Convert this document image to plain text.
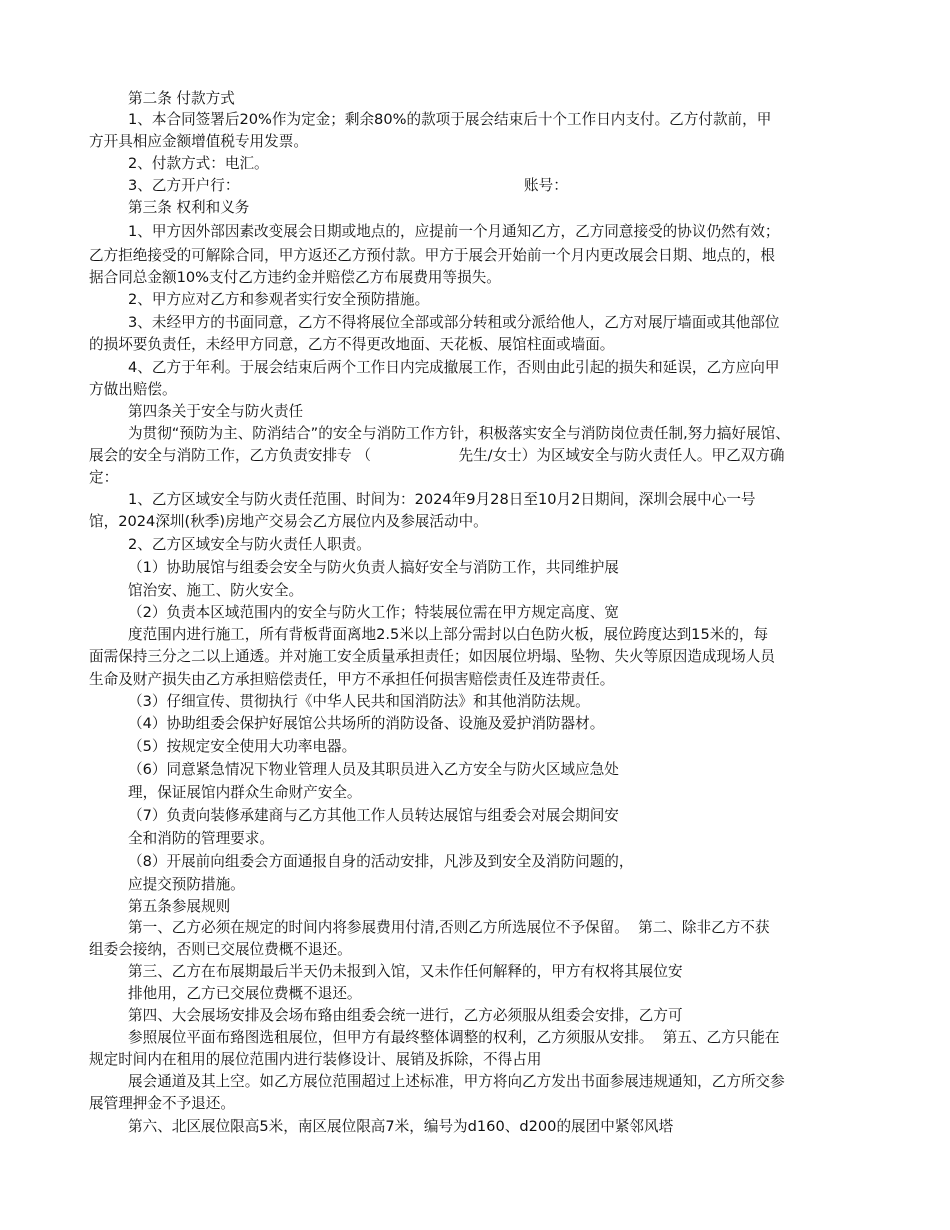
第二条 付款方式

1、本合同签署后20%作为定金；剩余80%的款项于展会结束后十个工作日内支付。乙方付款前，甲

方开具相应金额增值税专用发票。

2、付款方式：电汇。

3、乙方开户行：	账号：

第三条 权利和义务

1、甲方因外部因素改变展会日期或地点的，应提前一个月通知乙方，乙方同意接受的协议仍然有效；

乙方拒绝接受的可解除合同，甲方返还乙方预付款。甲方于展会开始前一个月内更改展会日期、地点的，根

据合同总金额10%支付乙方违约金并赔偿乙方布展费用等损失。

2、甲方应对乙方和参观者实行安全预防措施。

3、未经甲方的书面同意，乙方不得将展位全部或部分转租或分派给他人，乙方对展厅墙面或其他部位

的损坏要负责任，未经甲方同意，乙方不得更改地面、天花板、展馆柱面或墙面。

4、乙方于年利。于展会结束后两个工作日内完成撤展工作，否则由此引起的损失和延误，乙方应向甲

方做出赔偿。

第四条关于安全与防火责任

为贯彻“预防为主、防消结合”的安全与消防工作方针，积极落实安全与消防岗位责任制,努力搞好展馆、

展会的安全与消防工作，乙方负责安排专 （　　　　　　先生/女士）为区域安全与防火责任人。甲乙双方确

定：

1、乙方区域安全与防火责任范围、时间为：2024年9月28日至10月2日期间，深圳会展中心一号

馆，2024深圳(秋季)房地产交易会乙方展位内及参展活动中。

2、乙方区域安全与防火责任人职责。

（1）协助展馆与组委会安全与防火负责人搞好安全与消防工作，共同维护展

馆治安、施工、防火安全。

（2）负责本区域范围内的安全与防火工作；特装展位需在甲方规定高度、宽

度范围内进行施工，所有背板背面离地2.5米以上部分需封以白色防火板，展位跨度达到15米的，每

面需保持三分之二以上通透。并对施工安全质量承担责任；如因展位坍塌、坠物、失火等原因造成现场人员

生命及财产损失由乙方承担赔偿责任，甲方不承担任何损害赔偿责任及连带责任。

（3）仔细宣传、贯彻执行《中华人民共和国消防法》和其他消防法规。

（4）协助组委会保护好展馆公共场所的消防设备、设施及爱护消防器材。

（5）按规定安全使用大功率电器。

（6）同意紧急情况下物业管理人员及其职员进入乙方安全与防火区域应急处

理，保证展馆内群众生命财产安全。

（7）负责向装修承建商与乙方其他工作人员转达展馆与组委会对展会期间安

全和消防的管理要求。

（8）开展前向组委会方面通报自身的活动安排，凡涉及到安全及消防问题的，

应提交预防措施。

第五条参展规则

第一、乙方必须在规定的时间内将参展费用付清,否则乙方所选展位不予保留。  第二、除非乙方不获

组委会接纳，否则已交展位费概不退还。

第三、乙方在布展期最后半天仍未报到入馆，又未作任何解释的，甲方有权将其展位安

排他用，乙方已交展位费概不退还。

第四、大会展场安排及会场布臵由组委会统一进行，乙方必须服从组委会安排，乙方可

参照展位平面布臵图选租展位，但甲方有最终整体调整的权利，乙方须服从安排。  第五、乙方只能在

规定时间内在租用的展位范围内进行装修设计、展销及拆除，不得占用

展会通道及其上空。如乙方展位范围超过上述标准，甲方将向乙方发出书面参展违规通知，乙方所交参

展管理押金不予退还。

第六、北区展位限高5米，南区展位限高7米，编号为d160、d200的展团中紧邻风塔
